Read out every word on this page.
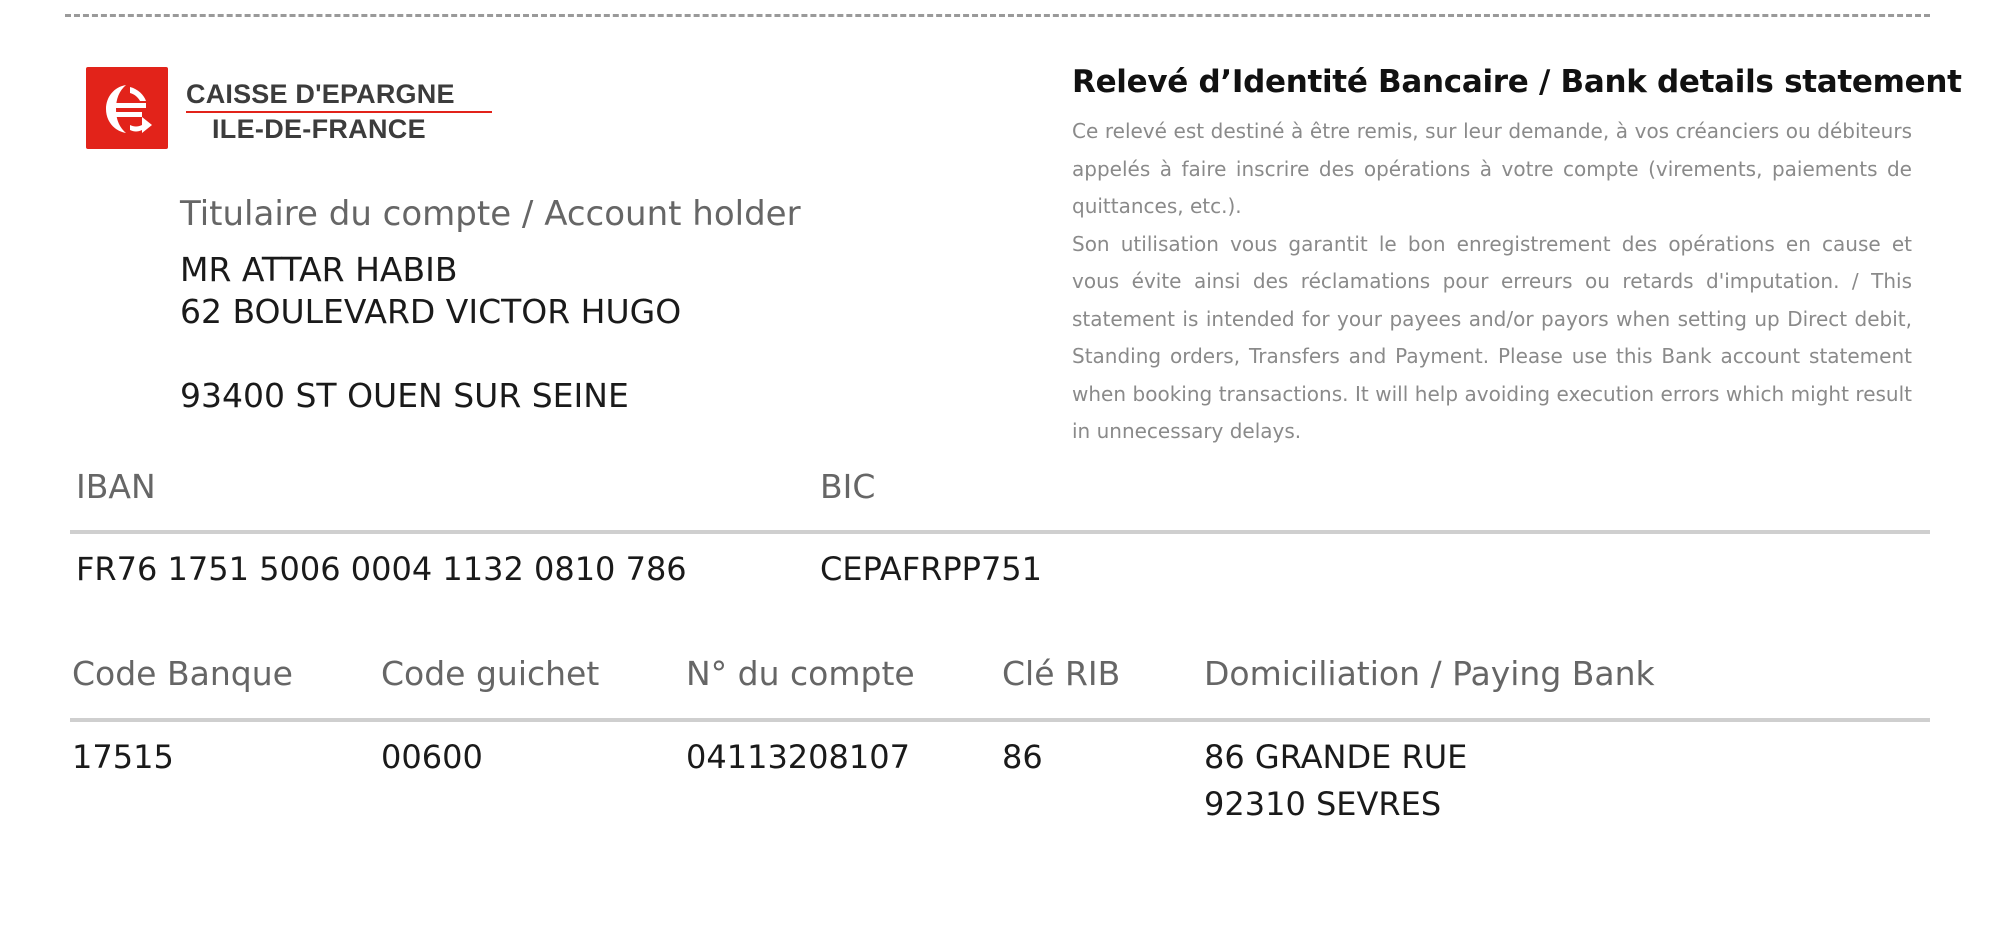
CAISSE D'EPARGNE
ILE-DE-FRANCE
Titulaire du compte / Account holder
MR ATTAR HABIB
62 BOULEVARD VICTOR HUGO
93400 ST OUEN SUR SEINE
Relevé d’Identité Bancaire / Bank details statement

Ce relevé est destiné à être remis, sur leur demande, à vos créanciers ou débiteurs appelés à faire inscrire des opérations à votre compte (virements, paiements de quittances, etc.).

Son utilisation vous garantit le bon enregistrement des opérations en cause et vous évite ainsi des réclamations pour erreurs ou retards d'imputation. / This statement is intended for your payees and/or payors when setting up Direct debit, Standing orders, Transfers and Payment. Please use this Bank account statement when booking transactions. It will help avoiding execution errors which might result in unnecessary delays.

IBAN	BIC
FR76 1751 5006 0004 1132 0810 786	CEPAFRPP751
Code Banque	Code guichet	N° du compte	Clé RIB	Domiciliation / Paying Bank
17515	00600	04113208107	86	86 GRANDE RUE
92310 SEVRES
